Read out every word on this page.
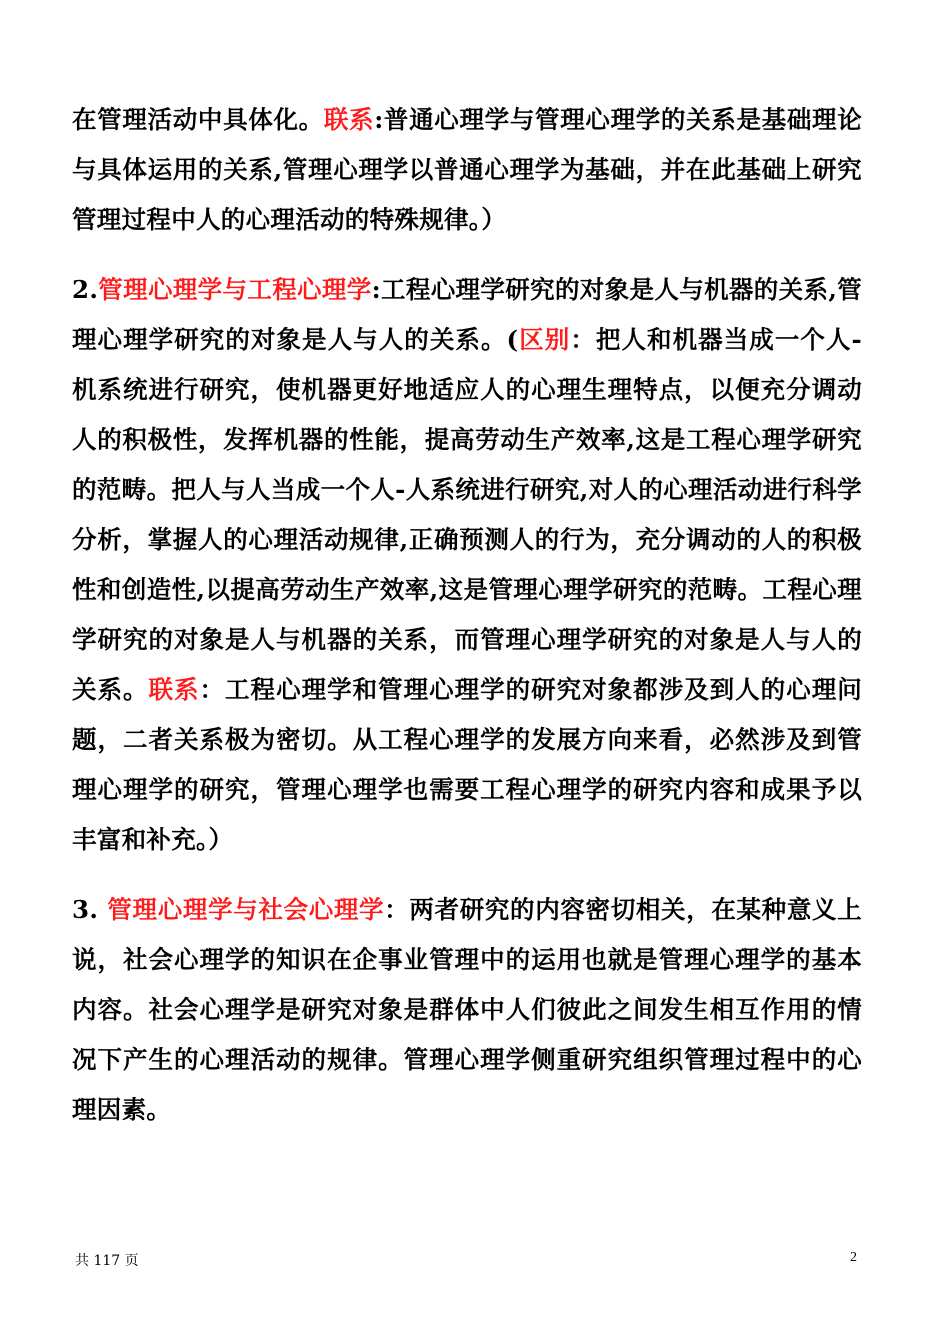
在管理活动中具体化。联系:普通心理学与管理心理学的关系是基础理论与具体运用的关系,管理心理学以普通心理学为基础，并在此基础上研究管理过程中人的心理活动的特殊规律。）

2.管理心理学与工程心理学:工程心理学研究的对象是人与机器的关系,管理心理学研究的对象是人与人的关系。(区别：把人和机器当成一个人-机系统进行研究，使机器更好地适应人的心理生理特点，以便充分调动人的积极性，发挥机器的性能，提高劳动生产效率,这是工程心理学研究的范畴。把人与人当成一个人-人系统进行研究,对人的心理活动进行科学分析，掌握人的心理活动规律,正确预测人的行为，充分调动的人的积极性和创造性,以提高劳动生产效率,这是管理心理学研究的范畴。工程心理学研究的对象是人与机器的关系，而管理心理学研究的对象是人与人的关系。联系：工程心理学和管理心理学的研究对象都涉及到人的心理问题，二者关系极为密切。从工程心理学的发展方向来看，必然涉及到管理心理学的研究，管理心理学也需要工程心理学的研究内容和成果予以丰富和补充。）

3. 管理心理学与社会心理学：两者研究的内容密切相关，在某种意义上说，社会心理学的知识在企事业管理中的运用也就是管理心理学的基本内容。社会心理学是研究对象是群体中人们彼此之间发生相互作用的情况下产生的心理活动的规律。管理心理学侧重研究组织管理过程中的心理因素。

共 117 页	2
